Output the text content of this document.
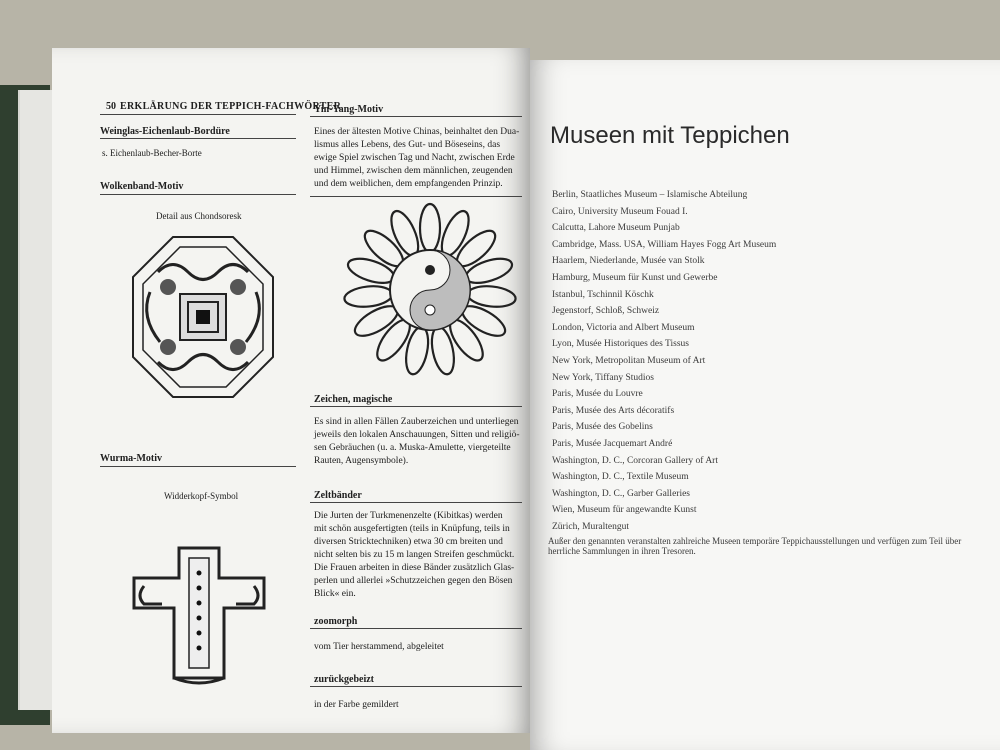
50 ERKLÄRUNG DER TEPPICH-FACHWÖRTER
Weinglas-Eichenlaub-Bordüre
s. Eichenlaub-Becher-Borte
Wolkenband-Motiv
Detail aus Chondsoresk
Wurma-Motiv
Widderkopf-Symbol
Yin-Yang-Motiv
Eines der ältesten Motive Chinas, beinhaltet den Dua-
lismus alles Lebens, des Gut- und Böseseins, das
ewige Spiel zwischen Tag und Nacht, zwischen Erde
und Himmel, zwischen dem männlichen, zeugenden
und dem weiblichen, dem empfangenden Prinzip.
Zeichen, magische
Es sind in allen Fällen Zauberzeichen und unterliegen
jeweils den lokalen Anschauungen, Sitten und religiö-
sen Gebräuchen (u. a. Muska-Amulette, viergeteilte
Rauten, Augensymbole).
Zeltbänder
Die Jurten der Turkmenenzelte (Kibitkas) werden
mit schön ausgefertigten (teils in Knüpfung, teils in
diversen Stricktechniken) etwa 30 cm breiten und
nicht selten bis zu 15 m langen Streifen geschmückt.
Die Frauen arbeiten in diese Bänder zusätzlich Glas-
perlen und allerlei »Schutzzeichen gegen den Bösen
Blick« ein.
zoomorph
vom Tier herstammend, abgeleitet
zurückgebeizt
in der Farbe gemildert
Museen mit Teppichen
Berlin, Staatliches Museum – Islamische Abteilung
Cairo, University Museum Fouad I.
Calcutta, Lahore Museum Punjab
Cambridge, Mass. USA, William Hayes Fogg Art Museum
Haarlem, Niederlande, Musée van Stolk
Hamburg, Museum für Kunst und Gewerbe
Istanbul, Tschinnil Köschk
Jegenstorf, Schloß, Schweiz
London, Victoria and Albert Museum
Lyon, Musée Historiques des Tissus
New York, Metropolitan Museum of Art
New York, Tiffany Studios
Paris, Musée du Louvre
Paris, Musée des Arts décoratifs
Paris, Musée des Gobelins
Paris, Musée Jacquemart André
Washington, D. C., Corcoran Gallery of Art
Washington, D. C., Textile Museum
Washington, D. C., Garber Galleries
Wien, Museum für angewandte Kunst
Zürich, Muraltengut
Außer den genannten veranstalten zahlreiche Museen temporäre Teppichausstellungen und verfügen zum Teil über
herrliche Sammlungen in ihren Tresoren.
